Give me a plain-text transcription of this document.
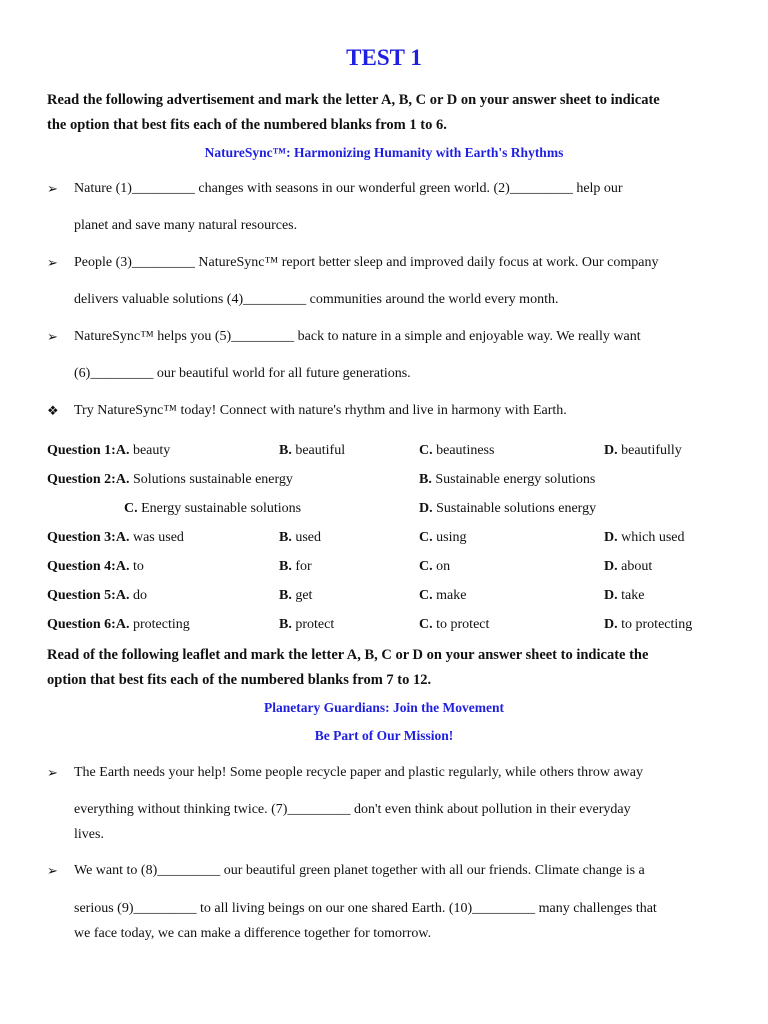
TEST 1
Read the following advertisement and mark the letter A, B, C or D on your answer sheet to indicate
the option that best fits each of the numbered blanks from 1 to 6.
NatureSync™: Harmonizing Humanity with Earth's Rhythms
➢	Nature (1)_________ changes with seasons in our wonderful green world. (2)_________ help our
planet and save many natural resources.
➢	People (3)_________ NatureSync™ report better sleep and improved daily focus at work. Our company
delivers valuable solutions (4)_________ communities around the world every month.
➢	NatureSync™ helps you (5)_________ back to nature in a simple and enjoyable way. We really want
(6)_________ our beautiful world for all future generations.
❖	Try NatureSync™ today! Connect with nature's rhythm and live in harmony with Earth.
Question 1:A. beauty	B. beautiful	C. beautiness	D. beautifully
Question 2:A. Solutions sustainable energy	B. Sustainable energy solutions
C. Energy sustainable solutions	D. Sustainable solutions energy
Question 3:A. was used	B. used	C. using	D. which used
Question 4:A. to	B. for	C. on	D. about
Question 5:A. do	B. get	C. make	D. take
Question 6:A. protecting	B. protect	C. to protect	D. to protecting
Read of the following leaflet and mark the letter A, B, C or D on your answer sheet to indicate the
option that best fits each of the numbered blanks from 7 to 12.
Planetary Guardians: Join the Movement
Be Part of Our Mission!
➢	The Earth needs your help! Some people recycle paper and plastic regularly, while others throw away
everything without thinking twice. (7)_________ don't even think about pollution in their everyday
lives.
➢	We want to (8)_________ our beautiful green planet together with all our friends. Climate change is a
serious (9)_________ to all living beings on our one shared Earth. (10)_________ many challenges that
we face today, we can make a difference together for tomorrow.
